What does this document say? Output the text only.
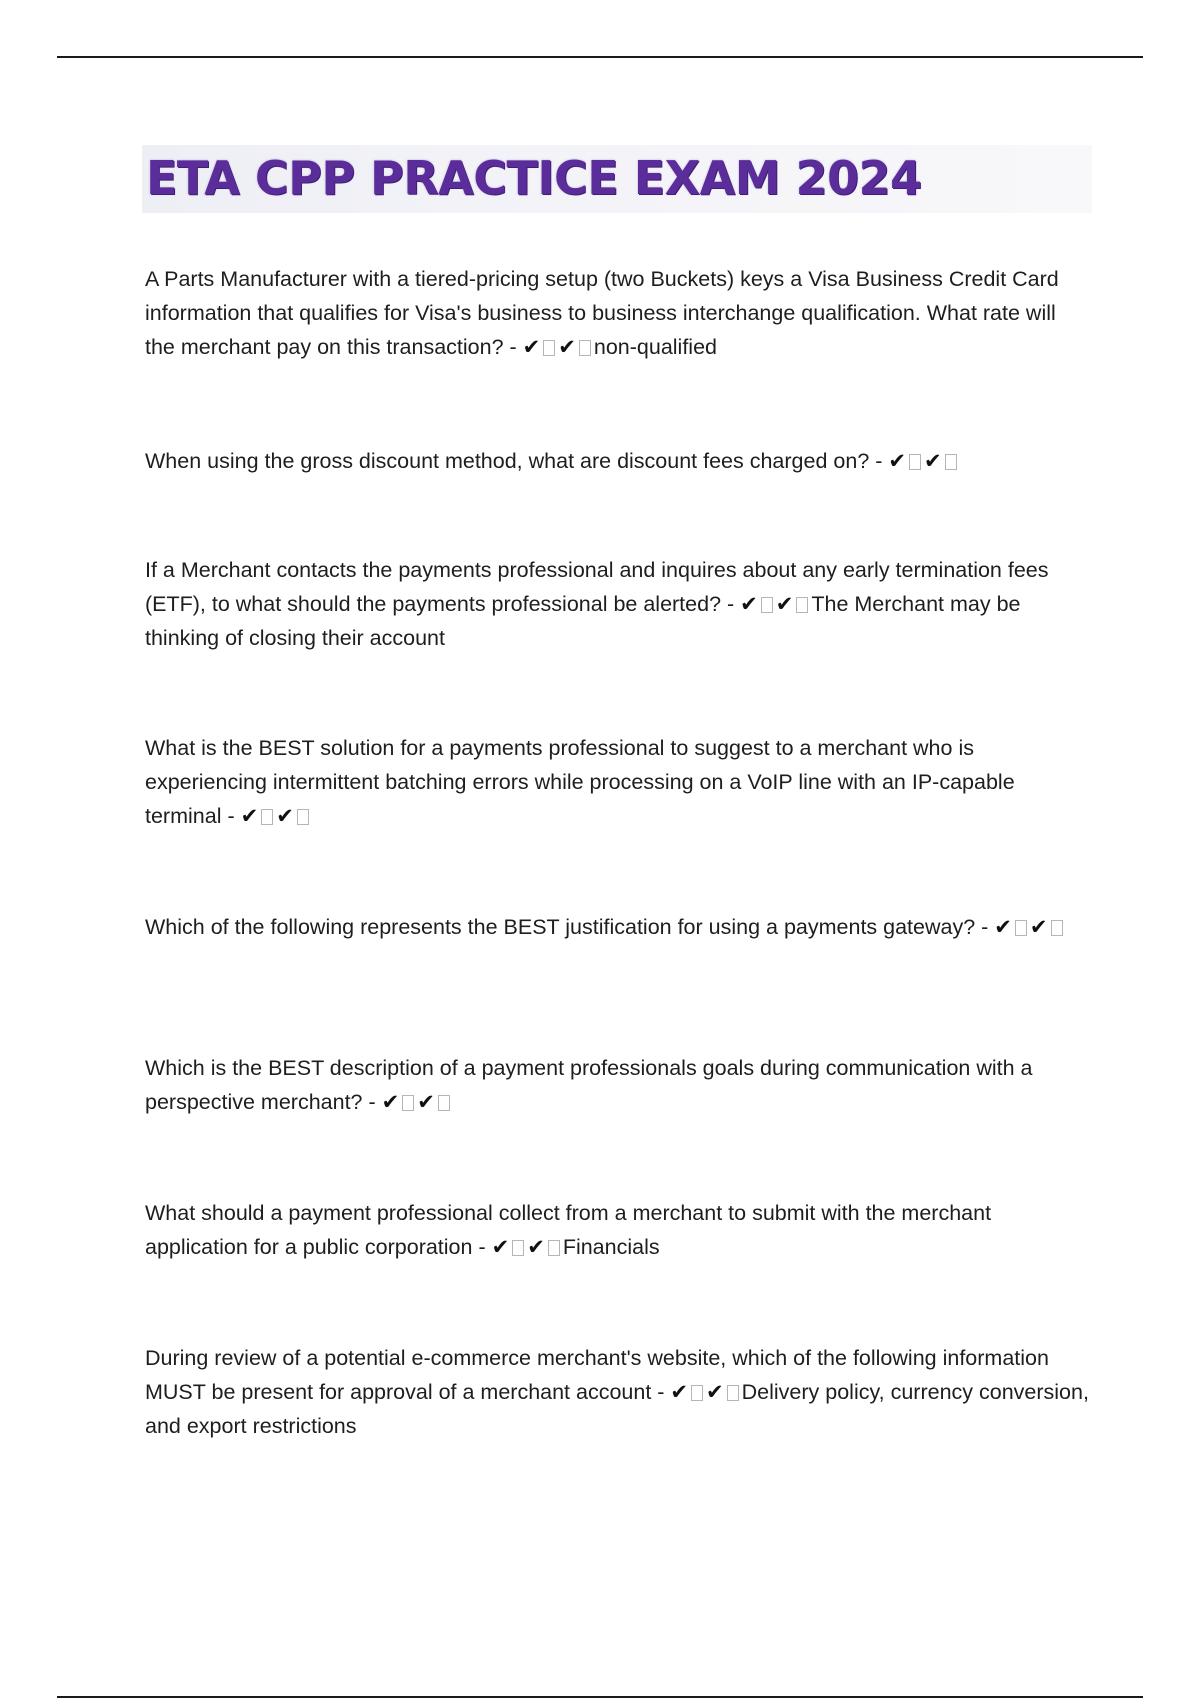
ETA CPP PRACTICE EXAM 2024

A Parts Manufacturer with a tiered-pricing setup (two Buckets) keys a Visa Business Credit Card information that qualifies for Visa's business to business interchange qualification. What rate will the merchant pay on this transaction? - ✔ ✔ non-qualified

When using the gross discount method, what are discount fees charged on? - ✔ ✔

If a Merchant contacts the payments professional and inquires about any early termination fees (ETF), to what should the payments professional be alerted? - ✔ ✔ The Merchant may be thinking of closing their account

What is the BEST solution for a payments professional to suggest to a merchant who is experiencing intermittent batching errors while processing on a VoIP line with an IP-capable terminal - ✔ ✔

Which of the following represents the BEST justification for using a payments gateway? - ✔ ✔

Which is the BEST description of a payment professionals goals during communication with a perspective merchant? - ✔ ✔

What should a payment professional collect from a merchant to submit with the merchant application for a public corporation - ✔ ✔ Financials

During review of a potential e-commerce merchant's website, which of the following information MUST be present for approval of a merchant account - ✔ ✔ Delivery policy, currency conversion, and export restrictions
